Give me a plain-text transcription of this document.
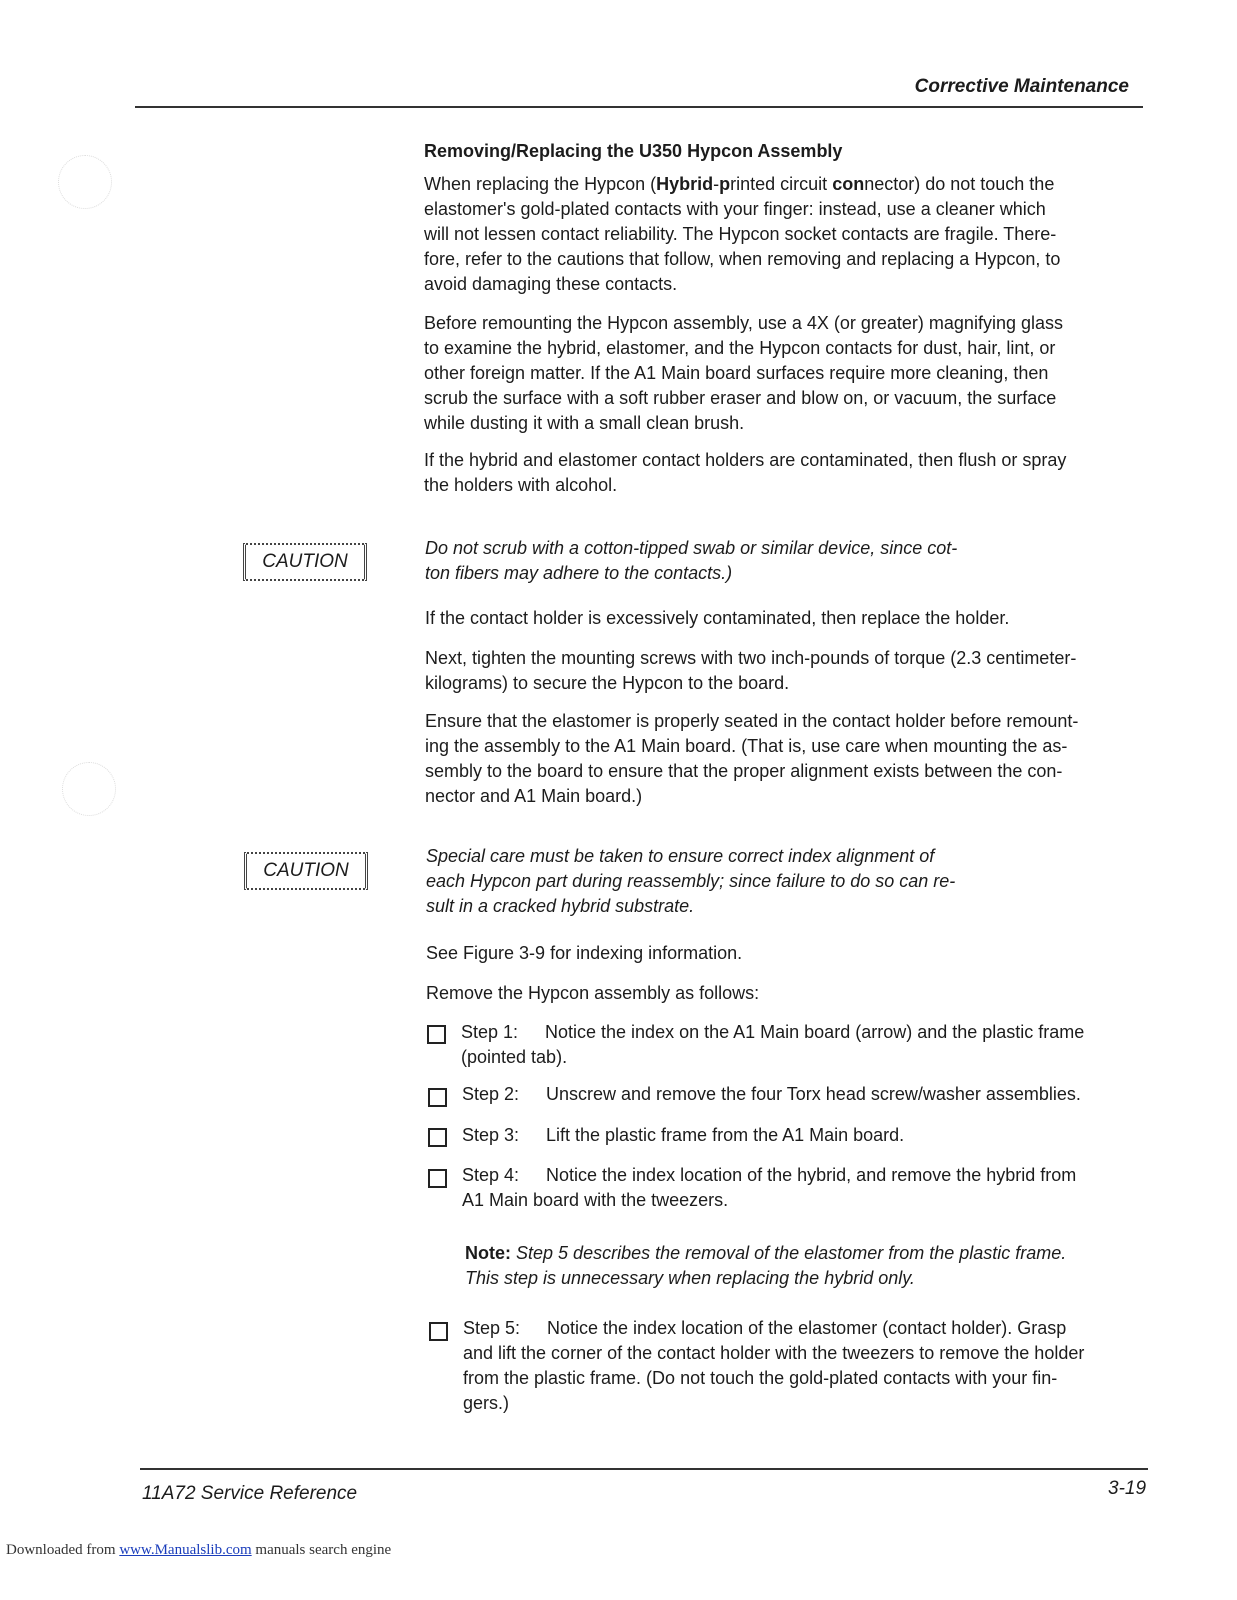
Corrective Maintenance
Removing/Replacing the U350 Hypcon Assembly
When replacing the Hypcon (Hybrid-printed circuit connector) do not touch the
elastomer's gold-plated contacts with your finger: instead, use a cleaner which
will not lessen contact reliability. The Hypcon socket contacts are fragile. There-
fore, refer to the cautions that follow, when removing and replacing a Hypcon, to
avoid damaging these contacts.
Before remounting the Hypcon assembly, use a 4X (or greater) magnifying glass
to examine the hybrid, elastomer, and the Hypcon contacts for dust, hair, lint, or
other foreign matter. If the A1 Main board surfaces require more cleaning, then
scrub the surface with a soft rubber eraser and blow on, or vacuum, the surface
while dusting it with a small clean brush.
If the hybrid and elastomer contact holders are contaminated, then flush or spray
the holders with alcohol.
CAUTION
Do not scrub with a cotton-tipped swab or similar device, since cot-
ton fibers may adhere to the contacts.)
If the contact holder is excessively contaminated, then replace the holder.
Next, tighten the mounting screws with two inch-pounds of torque (2.3 centimeter-
kilograms) to secure the Hypcon to the board.
Ensure that the elastomer is properly seated in the contact holder before remount-
ing the assembly to the A1 Main board. (That is, use care when mounting the as-
sembly to the board to ensure that the proper alignment exists between the con-
nector and A1 Main board.)
CAUTION
Special care must be taken to ensure correct index alignment of
each Hypcon part during reassembly; since failure to do so can re-
sult in a cracked hybrid substrate.
See Figure 3-9 for indexing information.
Remove the Hypcon assembly as follows:
Step 1: Notice the index on the A1 Main board (arrow) and the plastic frame
(pointed tab).
Step 2: Unscrew and remove the four Torx head screw/washer assemblies.
Step 3: Lift the plastic frame from the A1 Main board.
Step 4: Notice the index location of the hybrid, and remove the hybrid from
A1 Main board with the tweezers.
Note: Step 5 describes the removal of the elastomer from the plastic frame.
This step is unnecessary when replacing the hybrid only.
Step 5: Notice the index location of the elastomer (contact holder). Grasp
and lift the corner of the contact holder with the tweezers to remove the holder
from the plastic frame. (Do not touch the gold-plated contacts with your fin-
gers.)
11A72 Service Reference	3-19
Downloaded from www.Manualslib.com manuals search engine
